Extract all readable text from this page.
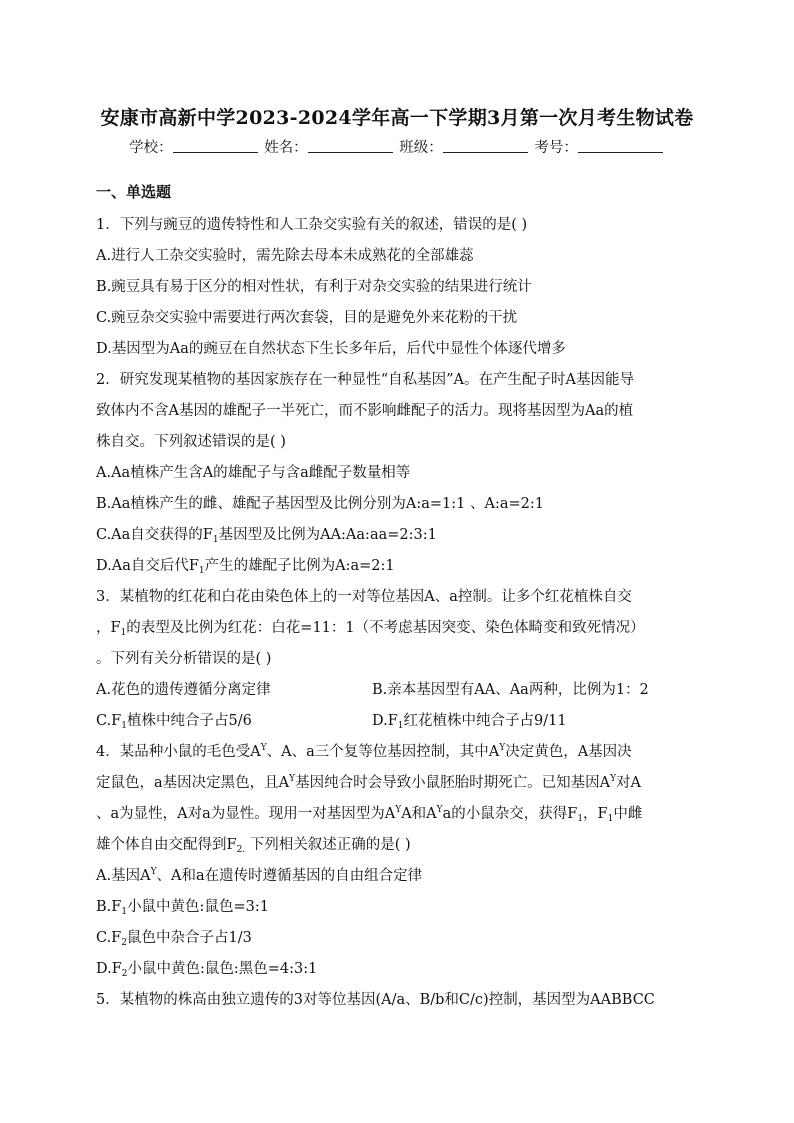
安康市高新中学2023-2024学年高一下学期3月第一次月考生物试卷
学校：	姓名：	班级：	考号：
一、单选题
1．下列与豌豆的遗传特性和人工杂交实验有关的叙述，错误的是( )
A.进行人工杂交实验时，需先除去母本未成熟花的全部雄蕊
B.豌豆具有易于区分的相对性状，有利于对杂交实验的结果进行统计
C.豌豆杂交实验中需要进行两次套袋，目的是避免外来花粉的干扰
D.基因型为Aa的豌豆在自然状态下生长多年后，后代中显性个体逐代增多
2．研究发现某植物的基因家族存在一种显性“自私基因”A。在产生配子时A基因能导
致体内不含A基因的雄配子一半死亡，而不影响雌配子的活力。现将基因型为Aa的植
株自交。下列叙述错误的是( )
A.Aa植株产生含A的雄配子与含a雌配子数量相等
B.Aa植株产生的雌、雄配子基因型及比例分别为A:a=1:1 、A:a=2:1
C.Aa自交获得的$F_1$基因型及比例为AA:Aa:aa=2:3:1
D.Aa自交后代$F_1$产生的雄配子比例为A:a=2:1
3．某植物的红花和白花由染色体上的一对等位基因A、a控制。让多个红花植株自交
，$F_1$的表型及比例为红花：白花=11：1（不考虑基因突变、染色体畸变和致死情况）
。下列有关分析错误的是( )
A.花色的遗传遵循分离定律	B.亲本基因型有AA、Aa两种，比例为1：2
$C.F_1$植株中纯合子占5/6	$D.F_1$红花植株中纯合子占9/11
4．某品种小鼠的毛色受$A^Y$、A、a三个复等位基因控制，其中$A^Y$决定黄色，A基因决
定鼠色，a基因决定黑色，且$A^Y$基因纯合时会导致小鼠胚胎时期死亡。已知基因$A^Y$对A
、a为显性，A对a为显性。现用一对基因型为$A^YA$和$A^Ya$的小鼠杂交，获得$F_1$，$F_1$中雌
雄个体自由交配得到$F_{2.}$ 下列相关叙述正确的是( )
A.基因$A^Y$、A和a在遗传时遵循基因的自由组合定律
$B.F_1$小鼠中黄色:鼠色=3:1
$C.F_2$鼠色中杂合子占1/3
$D.F_2$小鼠中黄色:鼠色:黑色=4:3:1
5．某植物的株高由独立遗传的3对等位基因(A/a、B/b和C/c)控制，基因型为AABBCC
